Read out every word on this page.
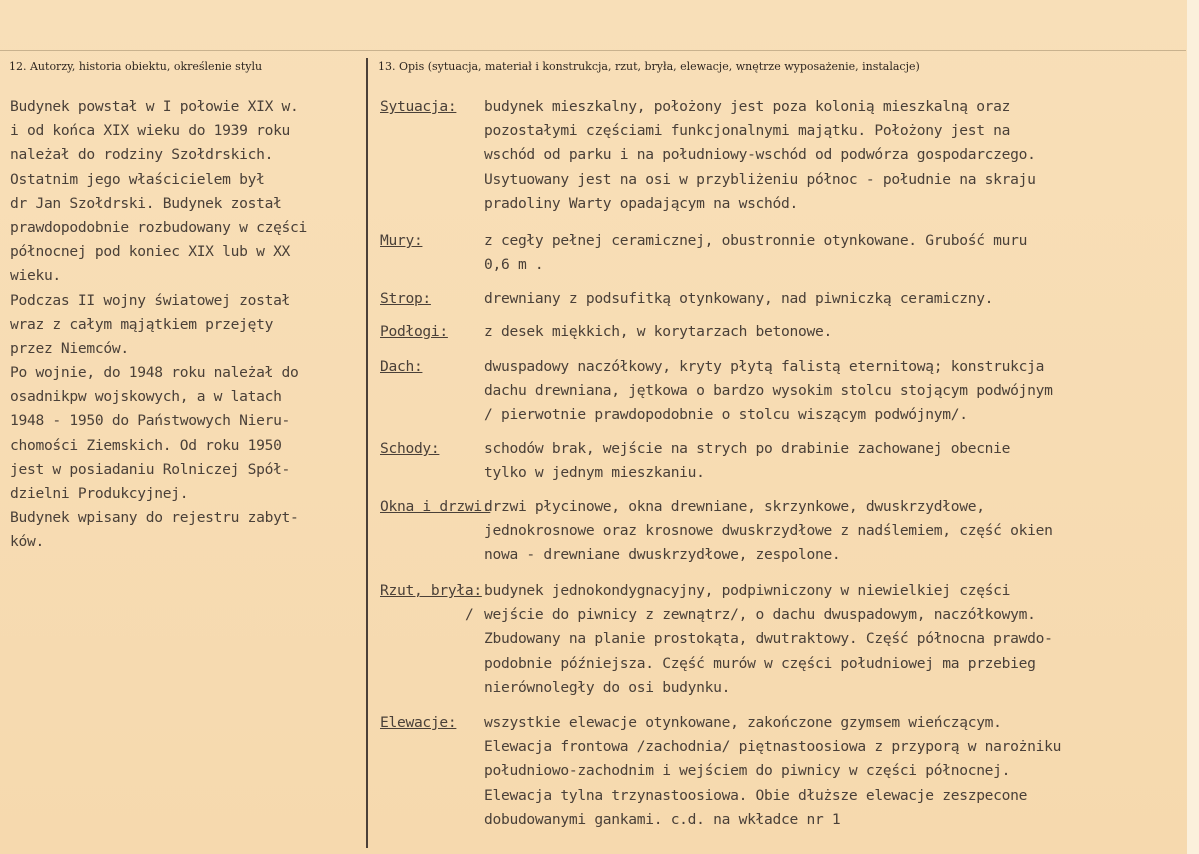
12. Autorzy, historia obiektu, określenie stylu	13. Opis (sytuacja, materiał i konstrukcja, rzut, bryła, elewacje, wnętrze wyposażenie, instalacje)
Budynek powstał w I połowie XIX w.
i od końca XIX wieku do 1939 roku
należał do rodziny Szołdrskich.
Ostatnim jego właścicielem był
dr Jan Szołdrski. Budynek został
prawdopodobnie rozbudowany w części
północnej pod koniec XIX lub w XX
wieku.
Podczas II wojny światowej został
wraz z całym mąjątkiem przejęty
przez Niemców.
Po wojnie, do 1948 roku należał do
osadnikpw wojskowych, a w latach
1948 - 1950 do Państwowych Nieru-
chomości Ziemskich. Od roku 1950
jest w posiadaniu Rolniczej Spół-
dzielni Produkcyjnej.
Budynek wpisany do rejestru zabyt-
ków.
Sytuacja: budynek mieszkalny, położony jest poza kolonią mieszkalną oraz
pozostałymi częściami funkcjonalnymi majątku. Położony jest na
wschód od parku i na południowy-wschód od podwórza gospodarczego.
Usytuowany jest na osi w przybliżeniu północ - południe na skraju
pradoliny Warty opadającym na wschód.
Mury:	z cegły pełnej ceramicznej, obustronnie otynkowane. Grubość muru
0,6 m .
Strop:	drewniany z podsufitką otynkowany, nad piwniczką ceramiczny.
Podłogi: z desek miękkich, w korytarzach betonowe.
Dach:	dwuspadowy naczółkowy, kryty płytą falistą eternitową; konstrukcja
dachu drewniana, jętkowa o bardzo wysokim stolcu stojącym podwójnym
/ pierwotnie prawdopodobnie o stolcu wiszącym podwójnym/.
Schody:	schodów brak, wejście na strych po drabinie zachowanej obecnie
tylko w jednym mieszkaniu.
Okna i drzwi:
drzwi płycinowe, okna drewniane, skrzynkowe, dwuskrzydłowe,
jednokrosnowe oraz krosnowe dwuskrzydłowe z nadślemiem, część okien
nowa - drewniane dwuskrzydłowe, zespolone.
Rzut, bryła:
/
budynek jednokondygnacyjny, podpiwniczony w niewielkiej części
wejście do piwnicy z zewnątrz/, o dachu dwuspadowym, naczółkowym.
Zbudowany na planie prostokąta, dwutraktowy. Część północna prawdo-
podobnie późniejsza. Część murów w części południowej ma przebieg
nierównoległy do osi budynku.
Elewacje: wszystkie elewacje otynkowane, zakończone gzymsem wieńczącym.
Elewacja frontowa /zachodnia/ piętnastoosiowa z przyporą w narożniku
południowo-zachodnim i wejściem do piwnicy w części północnej.
Elewacja tylna trzynastoosiowa. Obie dłuższe elewacje zeszpecone
dobudowanymi gankami. c.d. na wkładce nr 1
